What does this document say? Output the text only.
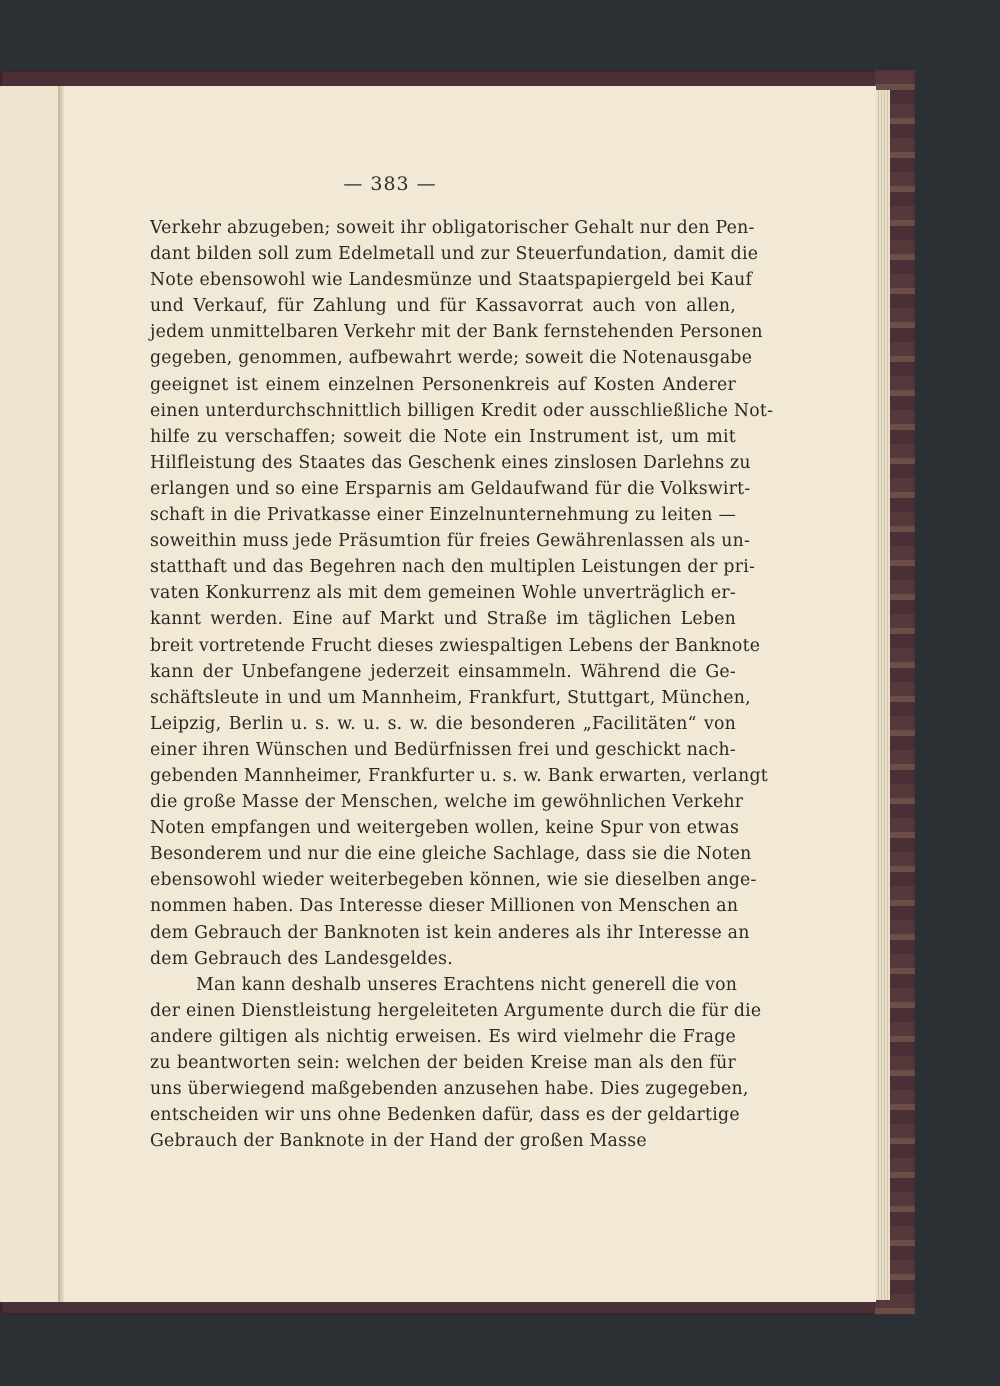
— 383 —

Verkehr abzugeben; soweit ihr obligatorischer Gehalt nur den Pen-
dant bilden soll zum Edelmetall und zur Steuerfundation, damit die
Note ebensowohl wie Landesmünze und Staatspapiergeld bei Kauf
und Verkauf, für Zahlung und für Kassavorrat auch von allen,
jedem unmittelbaren Verkehr mit der Bank fernstehenden Personen
gegeben, genommen, aufbewahrt werde; soweit die Notenausgabe
geeignet ist einem einzelnen Personenkreis auf Kosten Anderer
einen unterdurchschnittlich billigen Kredit oder ausschließliche Not-
hilfe zu verschaffen; soweit die Note ein Instrument ist, um mit
Hilfleistung des Staates das Geschenk eines zinslosen Darlehns zu
erlangen und so eine Ersparnis am Geldaufwand für die Volkswirt-
schaft in die Privatkasse einer Einzelnunternehmung zu leiten —
soweithin muss jede Präsumtion für freies Gewährenlassen als un-
statthaft und das Begehren nach den multiplen Leistungen der pri-
vaten Konkurrenz als mit dem gemeinen Wohle unverträglich er-
kannt werden. Eine auf Markt und Straße im täglichen Leben
breit vortretende Frucht dieses zwiespaltigen Lebens der Banknote
kann der Unbefangene jederzeit einsammeln. Während die Ge-
schäftsleute in und um Mannheim, Frankfurt, Stuttgart, München,
Leipzig, Berlin u. s. w. u. s. w. die besonderen „Facilitäten“ von
einer ihren Wünschen und Bedürfnissen frei und geschickt nach-
gebenden Mannheimer, Frankfurter u. s. w. Bank erwarten, verlangt
die große Masse der Menschen, welche im gewöhnlichen Verkehr
Noten empfangen und weitergeben wollen, keine Spur von etwas
Besonderem und nur die eine gleiche Sachlage, dass sie die Noten
ebensowohl wieder weiterbegeben können, wie sie dieselben ange-
nommen haben. Das Interesse dieser Millionen von Menschen an
dem Gebrauch der Banknoten ist kein anderes als ihr Interesse an
dem Gebrauch des Landesgeldes.

Man kann deshalb unseres Erachtens nicht generell die von
der einen Dienstleistung hergeleiteten Argumente durch die für die
andere giltigen als nichtig erweisen. Es wird vielmehr die Frage
zu beantworten sein: welchen der beiden Kreise man als den für
uns überwiegend maßgebenden anzusehen habe. Dies zugegeben,
entscheiden wir uns ohne Bedenken dafür, dass es der geldartige
Gebrauch der Banknote in der Hand der großen Masse
